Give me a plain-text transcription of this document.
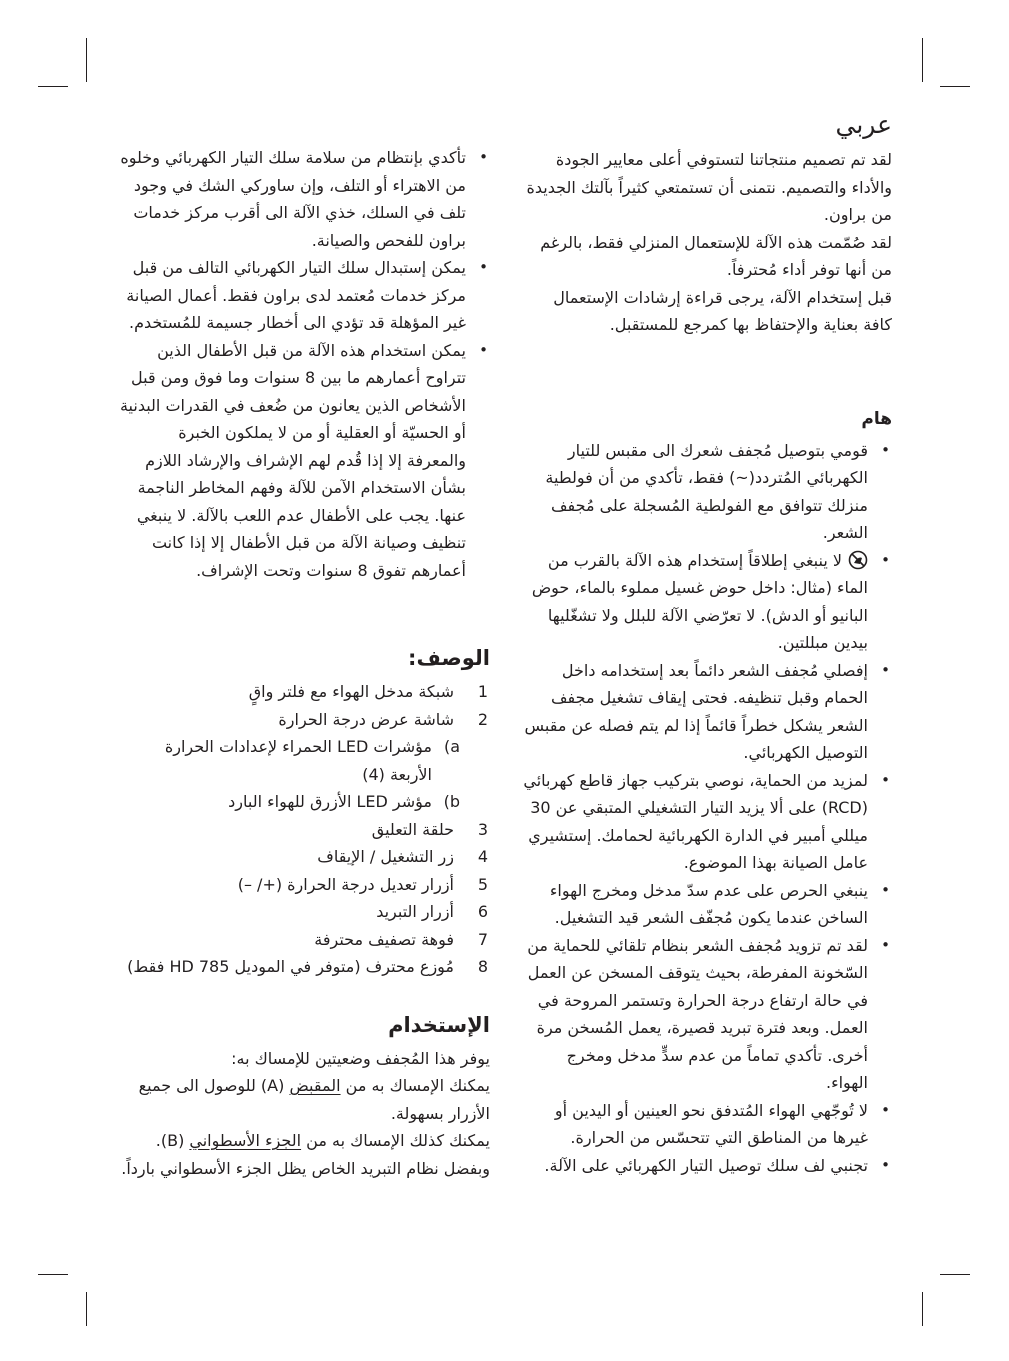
عربي

لقد تم تصميم منتجاتنا لتستوفي أعلى معايير الجودة والأداء والتصميم. نتمنى أن تستمتعي كثيراً بآلتك الجديدة من براون.

لقد صُمّمت هذه الآلة للإستعمال المنزلي فقط، بالرغم من أنها توفر أداء مُحترفاً.

قبل إستخدام الآلة، يرجى قراءة إرشادات الإستعمال كافة بعناية والإحتفاظ بها كمرجع للمستقبل.

هام
•
قومي بتوصيل مُجفف شعرك الى مقبس للتيار الكهربائي المُتردد(~) فقط، تأكدي من أن فولطية منزلك تتوافق مع الفولطية المُسجلة على مُجفف الشعر.
•
لا ينبغي إطلاقاً إستخدام هذه الآلة بالقرب من الماء (مثال: داخل حوض غسيل مملوء بالماء، حوض البانيو أو الدش). لا تعرّضي الآلة للبلل ولا تشغّليها بيدين مبللتين.
•
إفصلي مُجفف الشعر دائماً بعد إستخدامه داخل الحمام وقبل تنظيفه. فحتى إيقاف تشغيل مجفف الشعر يشكل خطراً قائماً إذا لم يتم فصله عن مقبس التوصيل الكهربائي.
•
لمزيد من الحماية، نوصي بتركيب جهاز قاطع كهربائي (RCD) على ألا يزيد التيار التشغيلي المتبقي عن 30 ميللي أمبير في الدارة الكهربائية لحمامك. إستشيري عامل الصيانة بهذا الموضوع.
•
ينبغي الحرص على عدم سدّ مدخل ومخرج الهواء الساخن عندما يكون مُجفّف الشعر قيد التشغيل.
•
لقد تم تزويد مُجفف الشعر بنظام تلقائي للحماية من السّخونة المفرطة، بحيث يتوقف المسخن عن العمل في حالة ارتفاع درجة الحرارة وتستمر المروحة في العمل. وبعد فترة تبريد قصيرة، يعمل المُسخن مرة أخرى. تأكدي تماماً من عدم سدٍّ مدخل ومخرج الهواء.
•
لا تُوجّهي الهواء المُتدفق نحو العينين أو اليدين أو غيرها من المناطق التي تتحسّس من الحرارة.
•
تجنبي لف سلك توصيل التيار الكهربائي على الآلة.
•
تأكدي بإنتظام من سلامة سلك التيار الكهربائي وخلوه من الاهتراء أو التلف، وإن ساوركي الشك في وجود تلف في السلك، خذي الآلة الى أقرب مركز خدمات براون للفحص والصيانة.
•
يمكن إستبدال سلك التيار الكهربائي التالف من قبل مركز خدمات مُعتمد لدى براون فقط. أعمال الصيانة غير المؤهلة قد تؤدي الى أخطار جسيمة للمُستخدم.
•
يمكن استخدام هذه الآلة من قبل الأطفال الذين تتراوح أعمارهم ما بين 8 سنوات وما فوق ومن قبل الأشخاص الذين يعانون من ضُعف في القدرات البدنية أو الحسيّة أو العقلية أو من لا يملكون الخبرة والمعرفة إلا إذا قُدم لهم الإشراف والإرشاد اللازم بشأن الاستخدام الآمن للآلة وفهم المخاطر الناجمة عنها. يجب على الأطفال عدم اللعب بالآلة. لا ينبغي تنظيف وصيانة الآلة من قبل الأطفال إلا إذا كانت أعمارهم تفوق 8 سنوات وتحت الإشراف.
الوصف:
1
شبكة مدخل الهواء مع فلتر واقٍ
2
شاشة عرض درجة الحرارة
a)
مؤشرات LED الحمراء لإعدادات الحرارة الأربعة (4)
b)
مؤشر LED الأزرق للهواء البارد
3
حلقة التعليق
4
زر التشغيل / الإيقاف
5
أزرار تعديل درجة الحرارة (+/ –)
6
أزرار التبريد
7
فوهة تصفيف محترفة
8
مُوزع محترف (متوفر في الموديل HD 785 فقط)
الإستخدام

يوفر هذا المُجفف وضعيتين للإمساك به:

يمكنك الإمساك به من المقبض (A) للوصول الى جميع الأزرار بسهولة.

يمكنك كذلك الإمساك به من الجزء الأسطواني (B).

وبفضل نظام التبريد الخاص يظل الجزء الأسطواني بارداً.
